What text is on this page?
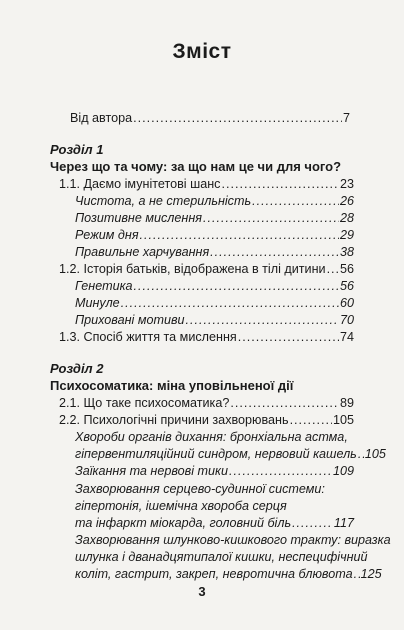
Зміст
Від автора .....	7
Розділ 1
Через що та чому: за що нам це чи для чого?
1.1. Даємо імунітетові шанс .....	23
Чистота, а не стерильність .....	26
Позитивне мислення .....	28
Режим дня .....	29
Правильне харчування .....	38
1.2. Історія батьків, відображена в тілі дитини ..... 56
Генетика .....	56
Минуле .....	60
Приховані мотиви .....	70
1.3. Спосіб життя та мислення .....	74
Розділ 2
Психосоматика: міна уповільненої дії
2.1. Що таке психосоматика? .....	89
2.2. Психологічні причини захворювань .....	105
Хвороби органів дихання: бронхіальна астма,
гіпервентиляційний синдром, нервовий кашель ..... 105
Заїкання та нервові тики .....	109
Захворювання серцево-судинної системи:
гіпертонія, ішемічна хвороба серця
та інфаркт міокарда, головний біль .....	117
Захворювання шлунково-кишкового тракту: виразка
шлунка і дванадцятипалої кишки, неспецифічний
коліт, гастрит, закреп, невротична блювота ..... 125
3
